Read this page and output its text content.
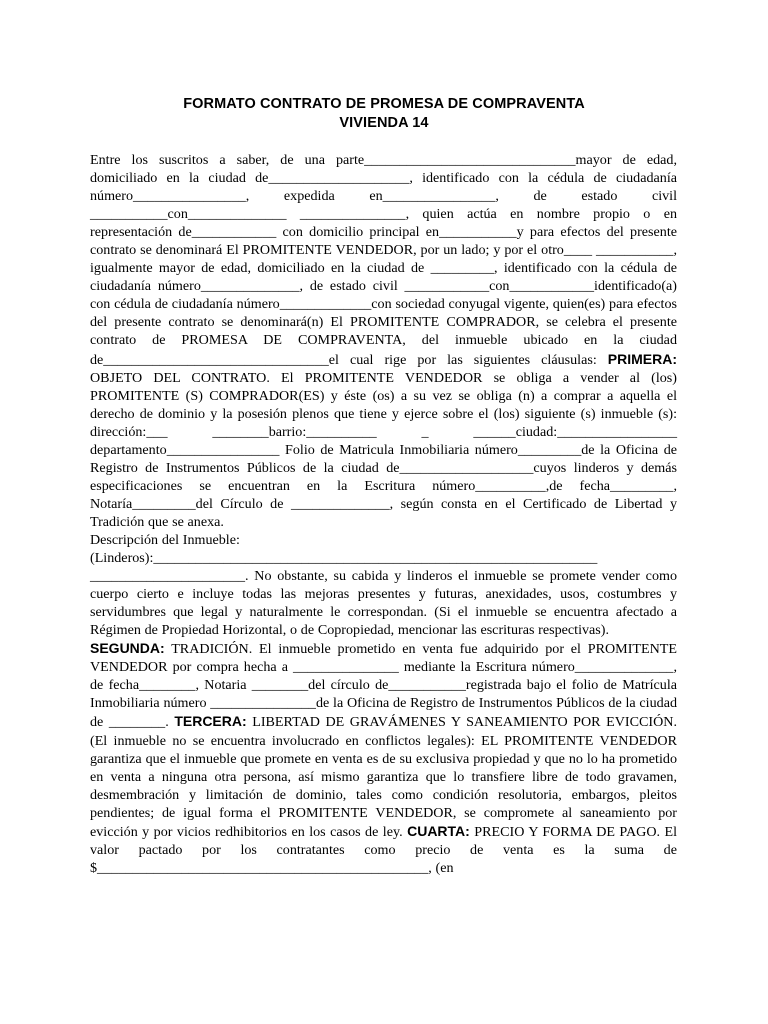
FORMATO CONTRATO DE PROMESA DE COMPRAVENTA
VIVIENDA 14

Entre los suscritos a saber, de una parte______________________________mayor de edad, domiciliado en la ciudad de____________________, identificado con la cédula de ciudadanía número________________, expedida en________________, de estado civil ___________con______________ _______________, quien actúa en nombre propio o en representación de____________ con domicilio principal en___________y para efectos del presente contrato se denominará El PROMITENTE VENDEDOR, por un lado; y por el otro____ ___________, igualmente mayor de edad, domiciliado en la ciudad de _________, identificado con la cédula de ciudadanía número______________, de estado civil ____________con____________identificado(a) con cédula de ciudadanía número_____________con sociedad conyugal vigente, quien(es) para efectos del presente contrato se denominará(n) El PROMITENTE COMPRADOR, se celebra el presente contrato de PROMESA DE COMPRAVENTA, del inmueble ubicado en la ciudad de________________________________el cual rige por las siguientes cláusulas: PRIMERA: OBJETO DEL CONTRATO. El PROMITENTE VENDEDOR se obliga a vender al (los) PROMITENTE (S) COMPRADOR(ES) y éste (os) a su vez se obliga (n) a comprar a aquella el derecho de dominio y la posesión plenos que tiene y ejerce sobre el (los) siguiente (s) inmueble (s): dirección:___ ________barrio:__________ _ ______ciudad:_________________ departamento________________ Folio de Matricula Inmobiliaria número_________de la Oficina de Registro de Instrumentos Públicos de la ciudad de___________________cuyos linderos y demás especificaciones se encuentran en la Escritura número__________,de fecha_________, Notaría_________del Círculo de ______________, según consta en el Certificado de Libertad y Tradición que se anexa.

Descripción del Inmueble:

(Linderos):_______________________________________________________________

______________________. No obstante, su cabida y linderos el inmueble se promete vender como cuerpo cierto e incluye todas las mejoras presentes y futuras, anexidades, usos, costumbres y servidumbres que legal y naturalmente le correspondan. (Si el inmueble se encuentra afectado a Régimen de Propiedad Horizontal, o de Copropiedad, mencionar las escrituras respectivas).

SEGUNDA: TRADICIÓN. El inmueble prometido en venta fue adquirido por el PROMITENTE VENDEDOR por compra hecha a _______________ mediante la Escritura número______________, de fecha________, Notaria ________del círculo de___________registrada bajo el folio de Matrícula Inmobiliaria número _______________de la Oficina de Registro de Instrumentos Públicos de la ciudad de ________. TERCERA: LIBERTAD DE GRAVÁMENES Y SANEAMIENTO POR EVICCIÓN. (El inmueble no se encuentra involucrado en conflictos legales): EL PROMITENTE VENDEDOR garantiza que el inmueble que promete en venta es de su exclusiva propiedad y que no lo ha prometido en venta a ninguna otra persona, así mismo garantiza que lo transfiere libre de todo gravamen, desmembración y limitación de dominio, tales como condición resolutoria, embargos, pleitos pendientes; de igual forma el PROMITENTE VENDEDOR, se compromete al saneamiento por evicción y por vicios redhibitorios en los casos de ley. CUARTA: PRECIO Y FORMA DE PAGO. El valor pactado por los contratantes como precio de venta es la suma de $_______________________________________________, (en
